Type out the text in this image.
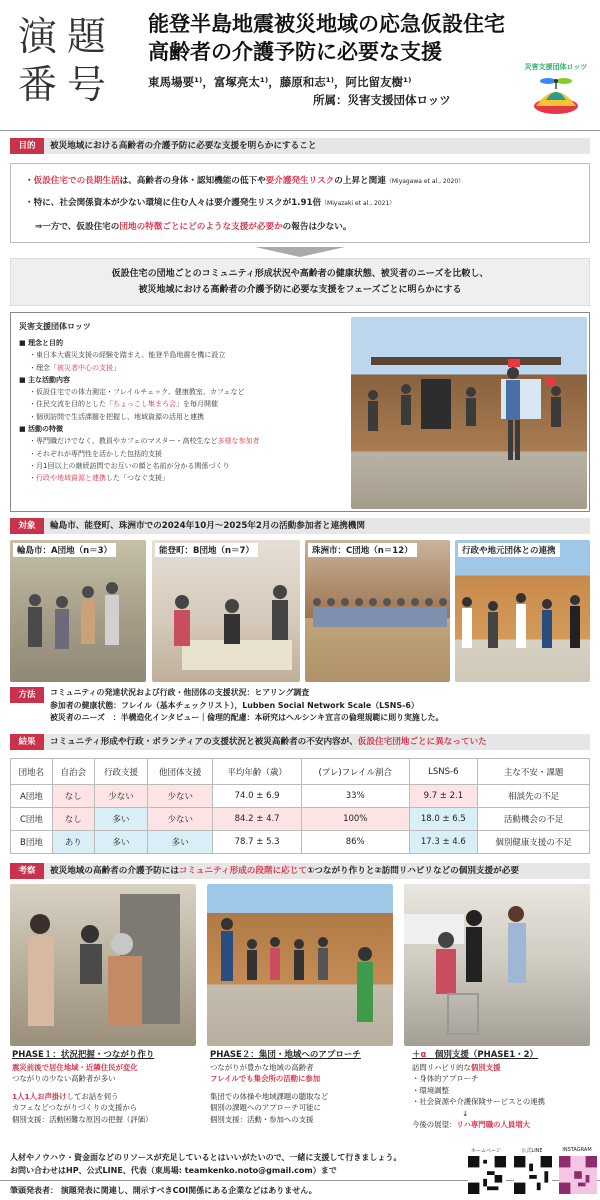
演題番号
能登半島地震被災地域の応急仮設住宅
高齢者の介護予防に必要な支援
東馬場要¹⁾，富塚亮太¹⁾，藤原和志¹⁾，阿比留友樹¹⁾
所属：災害支援団体ロッツ
災害支援団体ロッツ
目的	被災地域における高齢者の介護予防に必要な支援を明らかにすること
・仮設住宅での長期生活は、高齢者の身体・認知機能の低下や要介護発生リスクの上昇と関連（Miyagawa et al., 2020）
・特に、社会関係資本が少ない環境に住む人々は要介護発生リスクが1.91倍（Miyazaki et al., 2021）
⇒一方で、仮設住宅の団地の特徴ごとにどのような支援が必要かの報告は少ない。
仮設住宅の団地ごとのコミュニティ形成状況や高齢者の健康状態、被災者のニーズを比較し、
被災地域における高齢者の介護予防に必要な支援をフェーズごとに明らかにする
災害支援団体ロッツ
■ 理念と目的
・東日本大震災支援の経験を踏まえ、能登半島地震を機に設立
・理念「被災者中心の支援」
■ 主な活動内容
・仮設住宅での体力測定・フレイルチェック、健康教室、カフェなど
・住民交流を目的とした「ちょっこし集まろ会」を毎月開催
・個別訪問で生活課題を把握し、地域資源の活用と連携
■ 活動の特徴
・専門職だけでなく、教員やカフェのマスター・高校生など多様な参加者
・それぞれが専門性を活かした包括的支援
・月1回以上の継続訪問でお互いの顔と名前が分かる関係づくり
・行政や地域資源と連携した「つなぐ支援」
対象	輪島市、能登町、珠洲市での2024年10月～2025年2月の活動参加者と連携機関
輪島市：A団地（n＝3）	能登町：B団地（n＝7）	珠洲市：C団地（n＝12）	行政や地元団体との連携
方法	コミュニティの発達状況および行政・他団体の支援状況：ヒアリング調査
参加者の健康状態：フレイル（基本チェックリスト），Lubben Social Network Scale（LSNS-6）
被災者のニーズ　：半構造化インタビュー｜倫理的配慮：本研究はヘルシンキ宣言の倫理規範に則り実施した。
結果	コミュニティ形成や行政・ボランティアの支援状況と被災高齢者の不安内容が、仮設住宅団地ごとに異なっていた
団地名	自治会	行政支援	他団体支援	平均年齢（歳）	(プレ)フレイル割合	LSNS-6	主な不安・課題
A団地	なし	少ない	少ない	74.0 ± 6.9	33%	9.7 ± 2.1	相談先の不足
C団地	なし	多い	少ない	84.2 ± 4.7	100%	18.0 ± 6.5	活動機会の不足
B団地	あり	多い	多い	78.7 ± 5.3	86%	17.3 ± 4.6	個別健康支援の不足
考察	被災地域の高齢者の介護予防にはコミュニティ形成の段階に応じて①つながり作りと②訪問リハビリなどの個別支援が必要
PHASE１：状況把握・つながり作り
震災前後で居住地域・近隣住民が変化
つながりの少ない高齢者が多い
1人1人お声掛けしてお話を伺う
カフェなどつながりづくりの支援から
個別支援：活動困難な原因の把握（評価）
PHASE２：集団・地域へのアプローチ
つながりが豊かな地域の高齢者
フレイルでも集会所の活動に参加
集団での体操や地域課題の聴取など
個別の課題へのアプローチ可能に
個別支援：活動・参加への支援
＋α　 個別支援（PHASE1・2）
訪問リハビリ的な個別支援
・身体的アプローチ
・環境調整
・社会資源や介護保険サービスとの連携
↓
今後の展望：リハ専門職の人員増大
人材やノウハウ・資金面などのリソースが充足しているとはいいがたいので、一緒に支援して行きましょう。
お問い合わせはHP、公式LINE、代表（東馬場: teamkenko.noto@gmail.com）まで
筆頭発表者： 演題発表に関連し、開示すべきCOI関係にある企業などはありません。
ホームページ	公式LINE	INSTAGRAM
